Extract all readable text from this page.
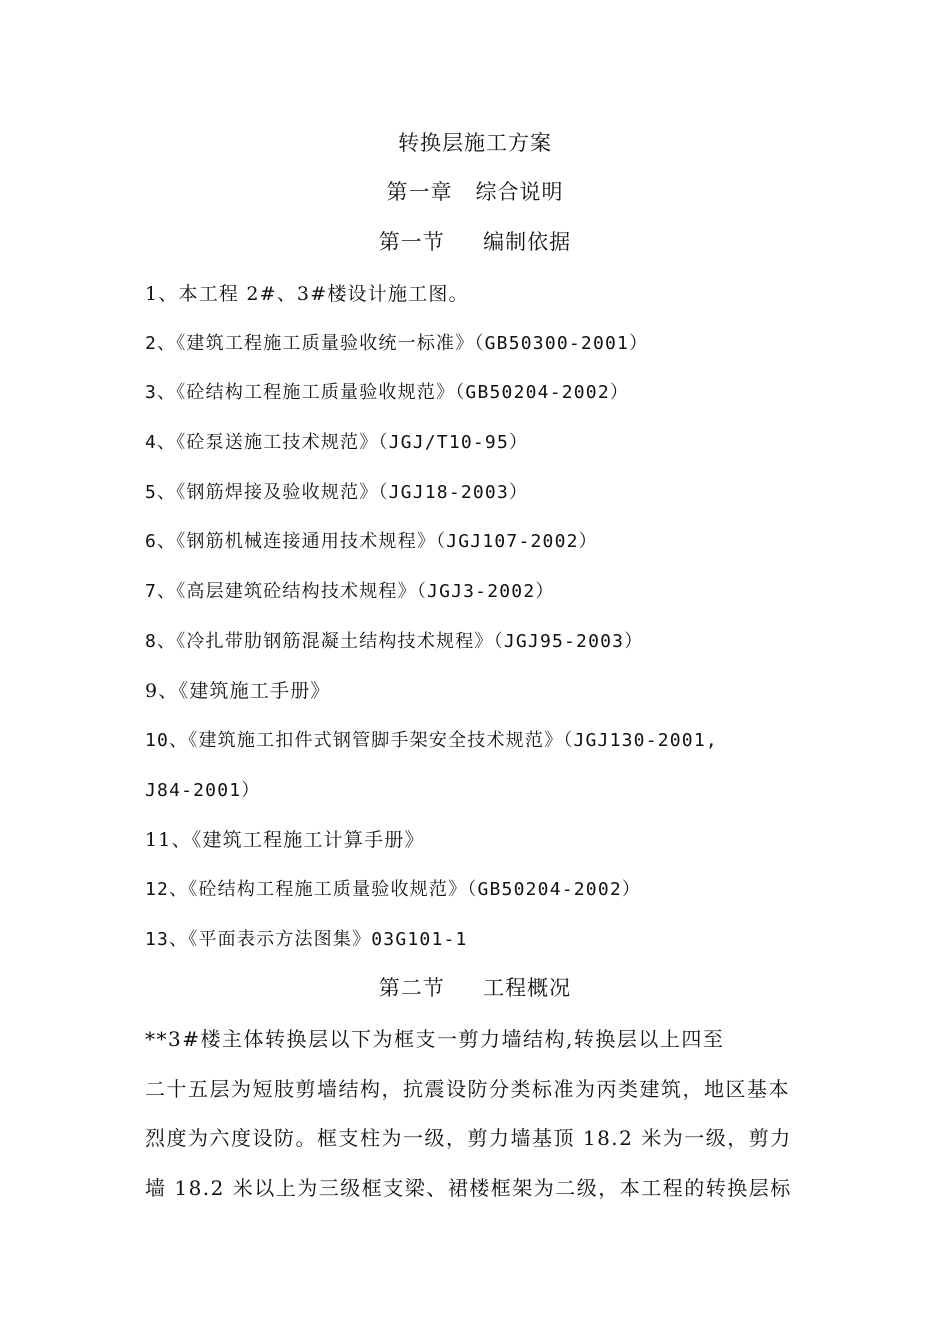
转换层施工方案
第一章   综合说明
第一节     编制依据
1、本工程 2#、3#楼设计施工图。
2、《建筑工程施工质量验收统一标准》（GB50300-2001）
3、《砼结构工程施工质量验收规范》（GB50204-2002）
4、《砼泵送施工技术规范》（JGJ/T10-95）
5、《钢筋焊接及验收规范》（JGJ18-2003）
6、《钢筋机械连接通用技术规程》（JGJ107-2002）
7、《高层建筑砼结构技术规程》（JGJ3-2002）
8、《冷扎带肋钢筋混凝土结构技术规程》（JGJ95-2003）
9、《建筑施工手册》
10、《建筑施工扣件式钢管脚手架安全技术规范》（JGJ130-2001,
J84-2001）
11、《建筑工程施工计算手册》
12、《砼结构工程施工质量验收规范》（GB50204-2002）
13、《平面表示方法图集》03G101-1
第二节     工程概况
**3#楼主体转换层以下为框支一剪力墙结构,转换层以上四至
二十五层为短肢剪墙结构，抗震设防分类标准为丙类建筑，地区基本
烈度为六度设防。框支柱为一级，剪力墙基顶 18.2 米为一级，剪力
墙 18.2 米以上为三级框支梁、裙楼框架为二级，本工程的转换层标
